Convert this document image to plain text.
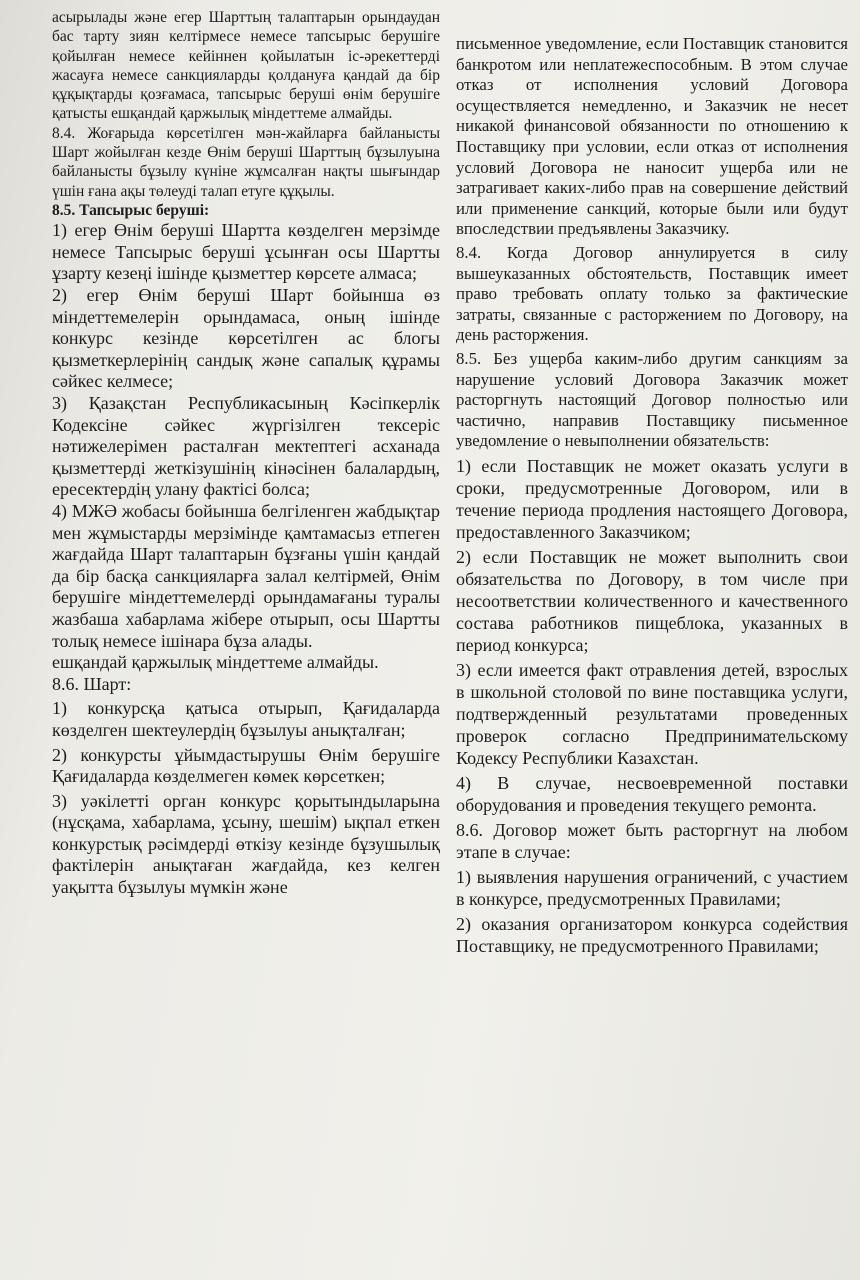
асырылады және егер Шарттың талаптарын орындаудан бас тарту зиян келтірмесе немесе тапсырыс берушіге қойылған немесе кейіннен қойылатын іс-әрекеттерді жасауға немесе санкцияларды қолдануға қандай да бір құқықтарды қозғамаса, тапсырыс беруші өнім берушіге қатысты ешқандай қаржылық міндеттеме алмайды.

8.4. Жоғарыда көрсетілген мән-жайларға байланысты Шарт жойылған кезде Өнім беруші Шарттың бұзылуына байланысты бұзылу күніне жұмсалған нақты шығындар үшін ғана ақы төлеуді талап етуге құқылы.

8.5. Тапсырыс беруші:

1) егер Өнім беруші Шартта көзделген мерзімде немесе Тапсырыс беруші ұсынған осы Шартты ұзарту кезеңі ішінде қызметтер көрсете алмаса;

2) егер Өнім беруші Шарт бойынша өз міндеттемелерін орындамаса, оның ішінде конкурс кезінде көрсетілген ас блогы қызметкерлерінің сандық және сапалық құрамы сәйкес келмесе;

3) Қазақстан Республикасының Кәсіпкерлік Кодексіне сәйкес жүргізілген тексеріс нәтижелерімен расталған мектептегі асханада қызметтерді жеткізушінің кінәсінен балалардың, ересектердің улану фактісі болса;

4) МЖӘ жобасы бойынша белгіленген жабдықтар мен жұмыстарды мерзімінде қамтамасыз етпеген жағдайда Шарт талаптарын бұзғаны үшін қандай да бір басқа санкцияларға залал келтірмей, Өнім берушіге міндеттемелерді орындамағаны туралы жазбаша хабарлама жібере отырып, осы Шартты толық немесе ішінара бұза алады.

ешқандай қаржылық міндеттеме алмайды.

8.6. Шарт:

1) конкурсқа қатыса отырып, Қағидаларда көзделген шектеулердің бұзылуы анықталған;

2) конкурсты ұйымдастырушы Өнім берушіге Қағидаларда көзделмеген көмек көрсеткен;

3) уәкілетті орган конкурс қорытындыларына (нұсқама, хабарлама, ұсыну, шешім) ықпал еткен конкурстық рәсімдерді өткізу кезінде бұзушылық фактілерін анықтаған жағдайда, кез келген уақытта бұзылуы мүмкін және

письменное уведомление, если Поставщик становится банкротом или неплатежеспособным. В этом случае отказ от исполнения условий Договора осуществляется немедленно, и Заказчик не несет никакой финансовой обязанности по отношению к Поставщику при условии, если отказ от исполнения условий Договора не наносит ущерба или не затрагивает каких-либо прав на совершение действий или применение санкций, которые были или будут впоследствии предъявлены Заказчику.

8.4. Когда Договор аннулируется в силу вышеуказанных обстоятельств, Поставщик имеет право требовать оплату только за фактические затраты, связанные с расторжением по Договору, на день расторжения.

8.5. Без ущерба каким-либо другим санкциям за нарушение условий Договора Заказчик может расторгнуть настоящий Договор полностью или частично, направив Поставщику письменное уведомление о невыполнении обязательств:

1) если Поставщик не может оказать услуги в сроки, предусмотренные Договором, или в течение периода продления настоящего Договора, предоставленного Заказчиком;

2) если Поставщик не может выполнить свои обязательства по Договору, в том числе при несоответствии количественного и качественного состава работников пищеблока, указанных в период конкурса;

3) если имеется факт отравления детей, взрослых в школьной столовой по вине поставщика услуги, подтвержденный результатами проведенных проверок согласно Предпринимательскому Кодексу Республики Казахстан.

4) В случае, несвоевременной поставки оборудования и проведения текущего ремонта.

8.6. Договор может быть расторгнут на любом этапе в случае:

1) выявления нарушения ограничений, с участием в конкурсе, предусмотренных Правилами;

2) оказания организатором конкурса содействия Поставщику, не предусмотренного Правилами;
